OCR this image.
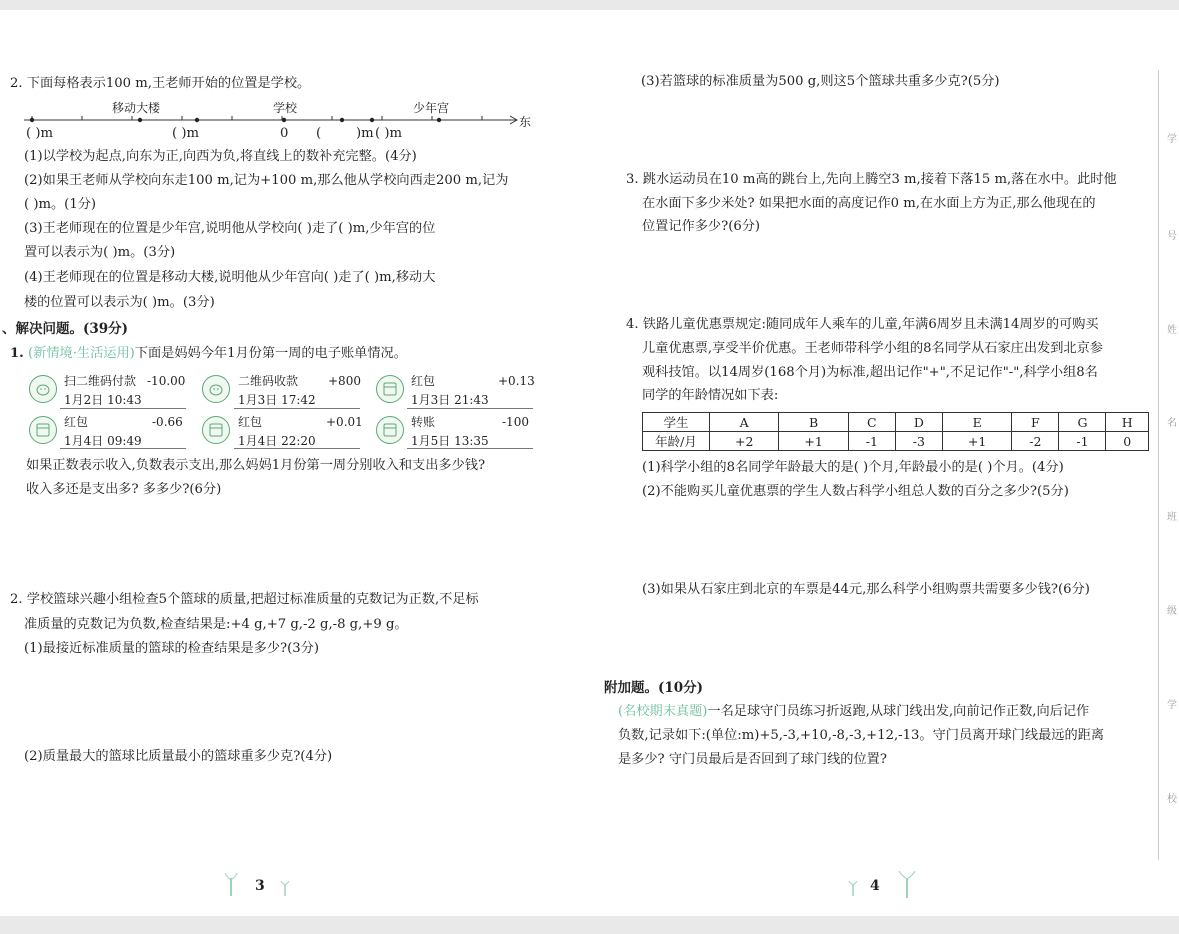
2. 下面每格表示100 m,王老师开始的位置是学校。
移动大楼	学校	少年宫
东
( )m	( )m	0 (	)m ( )m
(1)以学校为起点,向东为正,向西为负,将直线上的数补充完整。(4分)
(2)如果王老师从学校向东走100 m,记为+100 m,那么他从学校向西走200 m,记为
( )m。(1分)
(3)王老师现在的位置是少年宫,说明他从学校向( )走了( )m,少年宫的位
置可以表示为( )m。(3分)
(4)王老师现在的位置是移动大楼,说明他从少年宫向( )走了( )m,移动大
楼的位置可以表示为( )m。(3分)
、解决问题。(39分)
1. (新情境·生活运用)下面是妈妈今年1月份第一周的电子账单情况。
扫二维码付款 -10.00
1月2日 10:43
二维码收款 +800
1月3日 17:42
红包	+0.13
1月3日 21:43
红包	-0.66
1月4日 09:49
红包	+0.01
1月4日 22:20
转账	-100
1月5日 13:35
如果正数表示收入,负数表示支出,那么妈妈1月份第一周分别收入和支出多少钱?
收入多还是支出多? 多多少?(6分)
2. 学校篮球兴趣小组检查5个篮球的质量,把超过标准质量的克数记为正数,不足标
准质量的克数记为负数,检查结果是:+4 g,+7 g,-2 g,-8 g,+9 g。
(1)最接近标准质量的篮球的检查结果是多少?(3分)
(2)质量最大的篮球比质量最小的篮球重多少克?(4分)
3
(3)若篮球的标准质量为500 g,则这5个篮球共重多少克?(5分)
3. 跳水运动员在10 m高的跳台上,先向上腾空3 m,接着下落15 m,落在水中。此时他
在水面下多少米处? 如果把水面的高度记作0 m,在水面上方为正,那么他现在的
位置记作多少?(6分)
4. 铁路儿童优惠票规定:随同成年人乘车的儿童,年满6周岁且未满14周岁的可购买
儿童优惠票,享受半价优惠。王老师带科学小组的8名同学从石家庄出发到北京参
观科技馆。以14周岁(168个月)为标准,超出记作"+",不足记作"-",科学小组8名
同学的年龄情况如下表:
学生	A	B	C	D	E	F	G	H
年龄/月	+2	+1	-1	-3	+1	-2	-1	0
(1)科学小组的8名同学年龄最大的是( )个月,年龄最小的是( )个月。(4分)
(2)不能购买儿童优惠票的学生人数占科学小组总人数的百分之多少?(5分)
(3)如果从石家庄到北京的车票是44元,那么科学小组购票共需要多少钱?(6分)
附加题。(10分)
(名校期末真题)一名足球守门员练习折返跑,从球门线出发,向前记作正数,向后记作
负数,记录如下:(单位:m)+5,-3,+10,-8,-3,+12,-13。守门员离开球门线最远的距离
是多少? 守门员最后是否回到了球门线的位置?
4
学
号
姓
名
班
级
学
校
